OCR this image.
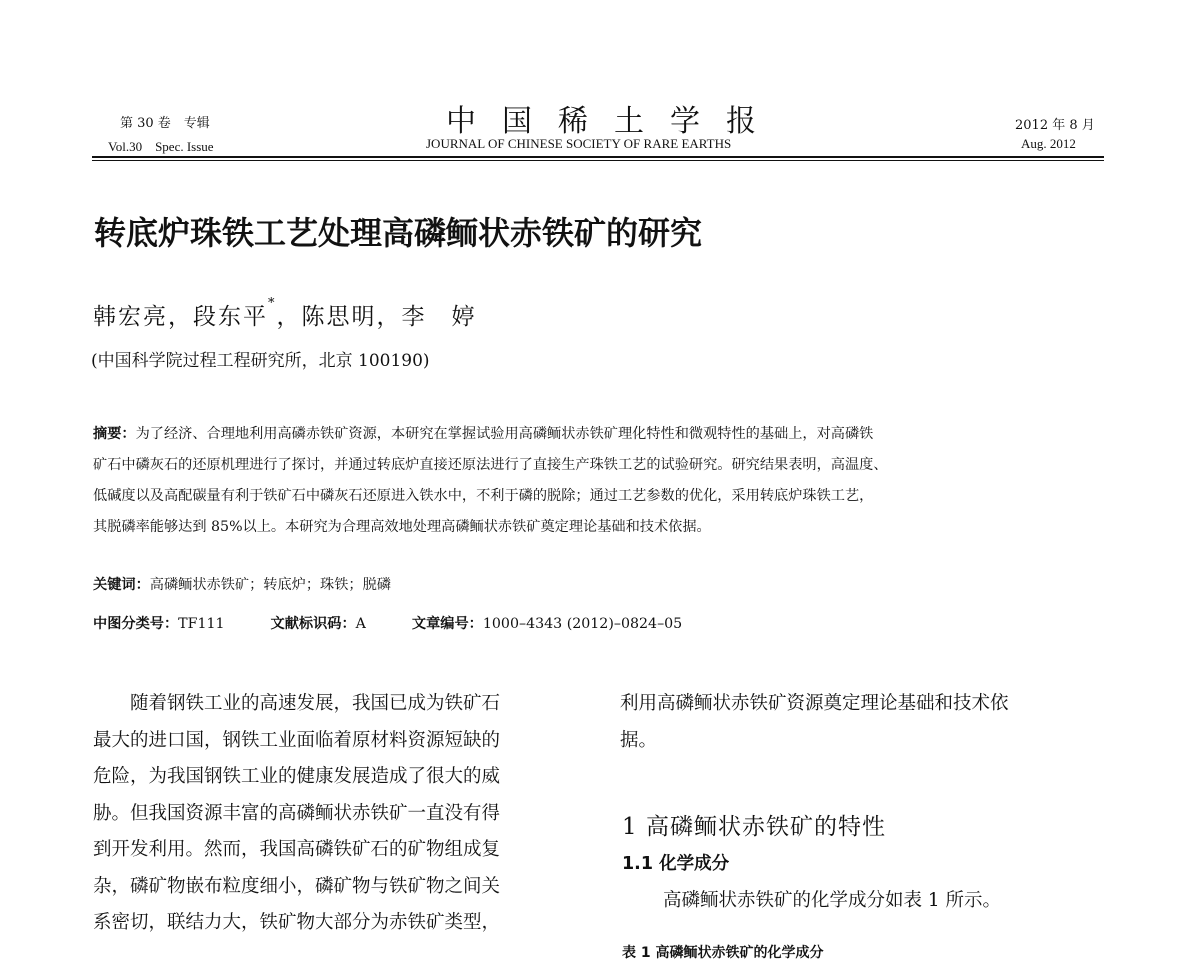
第 30 卷　专辑
Vol.30　Spec. Issue
中国稀土学报
JOURNAL OF CHINESE SOCIETY OF RARE EARTHS
2012 年 8 月
Aug. 2012
转底炉珠铁工艺处理高磷鲕状赤铁矿的研究
韩宏亮，段东平*，陈思明，李　婷
(中国科学院过程工程研究所，北京 100190)
摘要：为了经济、合理地利用高磷赤铁矿资源，本研究在掌握试验用高磷鲕状赤铁矿理化特性和微观特性的基础上，对高磷铁
矿石中磷灰石的还原机理进行了探讨，并通过转底炉直接还原法进行了直接生产珠铁工艺的试验研究。研究结果表明，高温度、
低碱度以及高配碳量有利于铁矿石中磷灰石还原进入铁水中，不利于磷的脱除；通过工艺参数的优化，采用转底炉珠铁工艺，
其脱磷率能够达到 85%以上。本研究为合理高效地处理高磷鲕状赤铁矿奠定理论基础和技术依据。
关键词：高磷鲕状赤铁矿；转底炉；珠铁；脱磷
中图分类号：TF111	文献标识码：A	文章编号：1000–4343 (2012)–0824–05
随着钢铁工业的高速发展，我国已成为铁矿石
最大的进口国，钢铁工业面临着原材料资源短缺的
危险，为我国钢铁工业的健康发展造成了很大的威
胁。但我国资源丰富的高磷鲕状赤铁矿一直没有得
到开发利用。然而，我国高磷铁矿石的矿物组成复
杂，磷矿物嵌布粒度细小，磷矿物与铁矿物之间关
系密切，联结力大，铁矿物大部分为赤铁矿类型，
利用高磷鲕状赤铁矿资源奠定理论基础和技术依
据。
1 高磷鲕状赤铁矿的特性
1.1 化学成分
高磷鲕状赤铁矿的化学成分如表 1 所示。
表 1 高磷鲕状赤铁矿的化学成分
